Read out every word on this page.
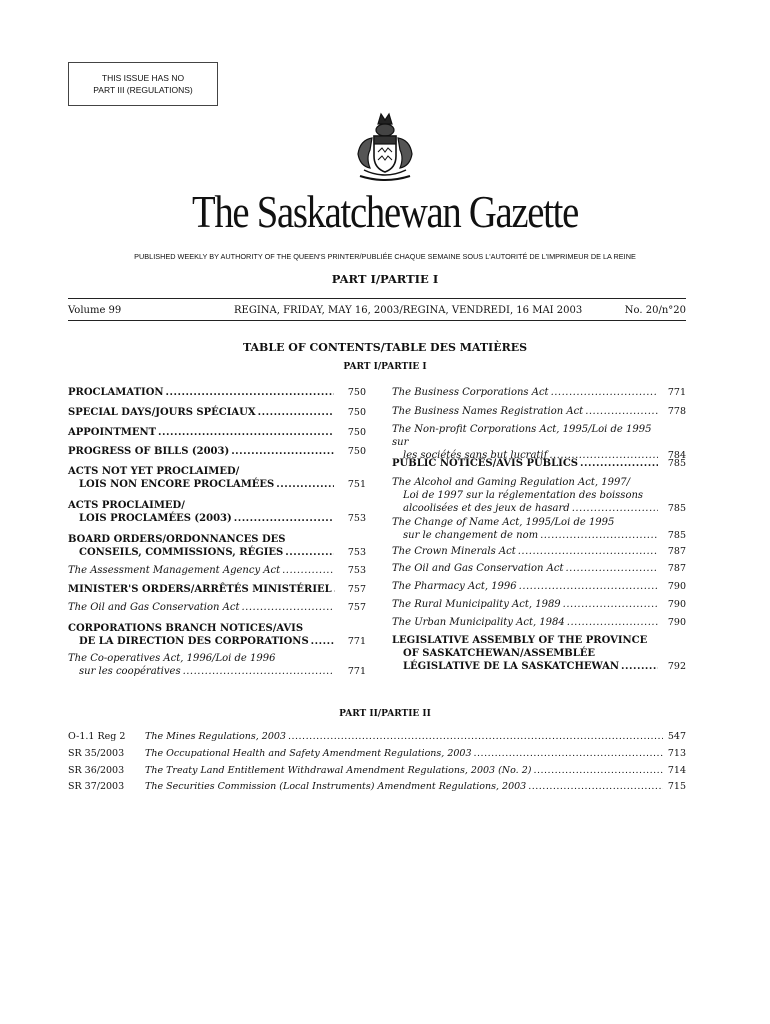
THIS ISSUE HAS NO
PART III (REGULATIONS)
The Saskatchewan Gazette
PUBLISHED WEEKLY BY AUTHORITY OF THE QUEEN'S PRINTER/PUBLIÉE CHAQUE SEMAINE SOUS L'AUTORITÉ DE L'IMPRIMEUR DE LA REINE
PART I/PARTIE I
Volume 99	REGINA, FRIDAY, MAY 16, 2003/REGINA, VENDREDI, 16 MAI 2003	No. 20/n°20
TABLE OF CONTENTS/TABLE DES MATIÈRES
PART I/PARTIE I
PROCLAMATION .....	750
SPECIAL DAYS/JOURS SPÉCIAUX .....	750
APPOINTMENT .....	750
PROGRESS OF BILLS (2003) .....	750
ACTS NOT YET PROCLAIMED/
LOIS NON ENCORE PROCLAMÉES .....	751
ACTS PROCLAIMED/
LOIS PROCLAMÉES (2003) .....	753
BOARD ORDERS/ORDONNANCES DES
CONSEILS, COMMISSIONS, RÉGIES .....	753
The Assessment Management Agency Act .....	753
MINISTER'S ORDERS/ARRÊTÉS MINISTÉRIEL .....	757
The Oil and Gas Conservation Act .....	757
CORPORATIONS BRANCH NOTICES/AVIS
DE LA DIRECTION DES CORPORATIONS .....	771
The Co-operatives Act, 1996/Loi de 1996
sur les coopératives .....	771
The Business Corporations Act .....	771
The Business Names Registration Act .....	778
The Non-profit Corporations Act, 1995/Loi de 1995 sur
les sociétés sans but lucratif .....	784
PUBLIC NOTICES/AVIS PUBLICS .....	785
The Alcohol and Gaming Regulation Act, 1997/
Loi de 1997 sur la réglementation des boissons
alcoolisées et des jeux de hasard .....	785
The Change of Name Act, 1995/Loi de 1995
sur le changement de nom .....	785
The Crown Minerals Act .....	787
The Oil and Gas Conservation Act .....	787
The Pharmacy Act, 1996 .....	790
The Rural Municipality Act, 1989 .....	790
The Urban Municipality Act, 1984 .....	790
LEGISLATIVE ASSEMBLY OF THE PROVINCE
OF SASKATCHEWAN/ASSEMBLÉE
LÉGISLATIVE DE LA SASKATCHEWAN .....	792
PART II/PARTIE II
O-1.1 Reg 2 The Mines Regulations, 2003 .....	547
SR 35/2003 The Occupational Health and Safety Amendment Regulations, 2003 .....	713
SR 36/2003 The Treaty Land Entitlement Withdrawal Amendment Regulations, 2003 (No. 2) .....	714
SR 37/2003 The Securities Commission (Local Instruments) Amendment Regulations, 2003 .....	715
